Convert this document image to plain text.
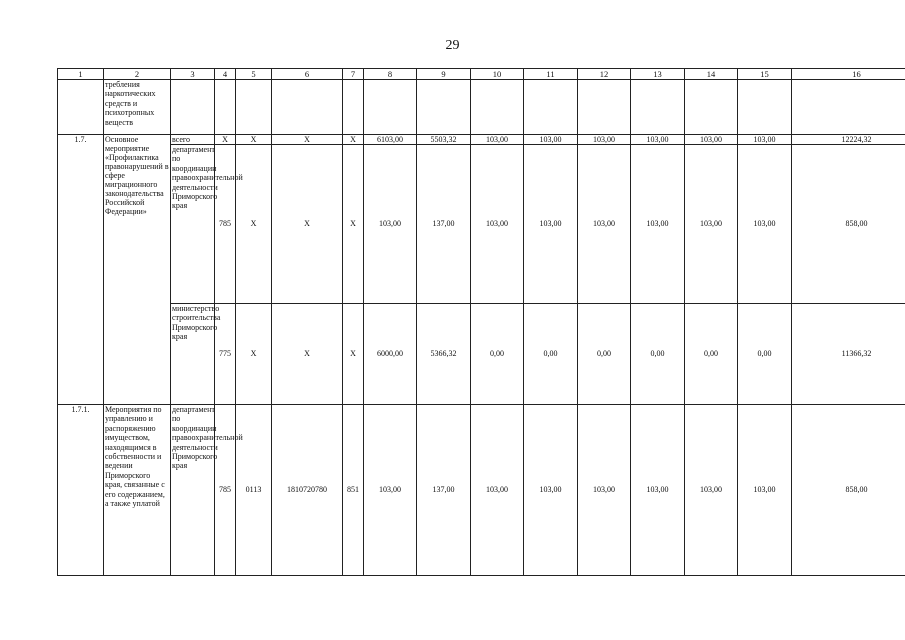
29
1	2	3	4	5	6	7	8	9	10	11	12	13	14	15	16
	требления наркотических средств и психотропных веществ														
1.7.	Основное мероприятие «Профилактика правонарушений в сфере миграционного законодательства Российской Федерации»	всего	X	X	X	X	6103,00	5503,32	103,00	103,00	103,00	103,00	103,00	103,00	12224,32
		департамент по координации правоохранительной деятельности Приморского края	785	X	X	X	103,00	137,00	103,00	103,00	103,00	103,00	103,00	103,00	858,00
		министерство строительства Приморского края	775	X	X	X	6000,00	5366,32	0,00	0,00	0,00	0,00	0,00	0,00	11366,32
1.7.1.	Мероприятия по управлению и распоряжению имуществом, находящимся в собственности и ведении Приморского края, связанные с его содержанием, а также уплатой	департамент по координации правоохранительной деятельности Приморского края	785	0113	1810720780	851	103,00	137,00	103,00	103,00	103,00	103,00	103,00	103,00	858,00
